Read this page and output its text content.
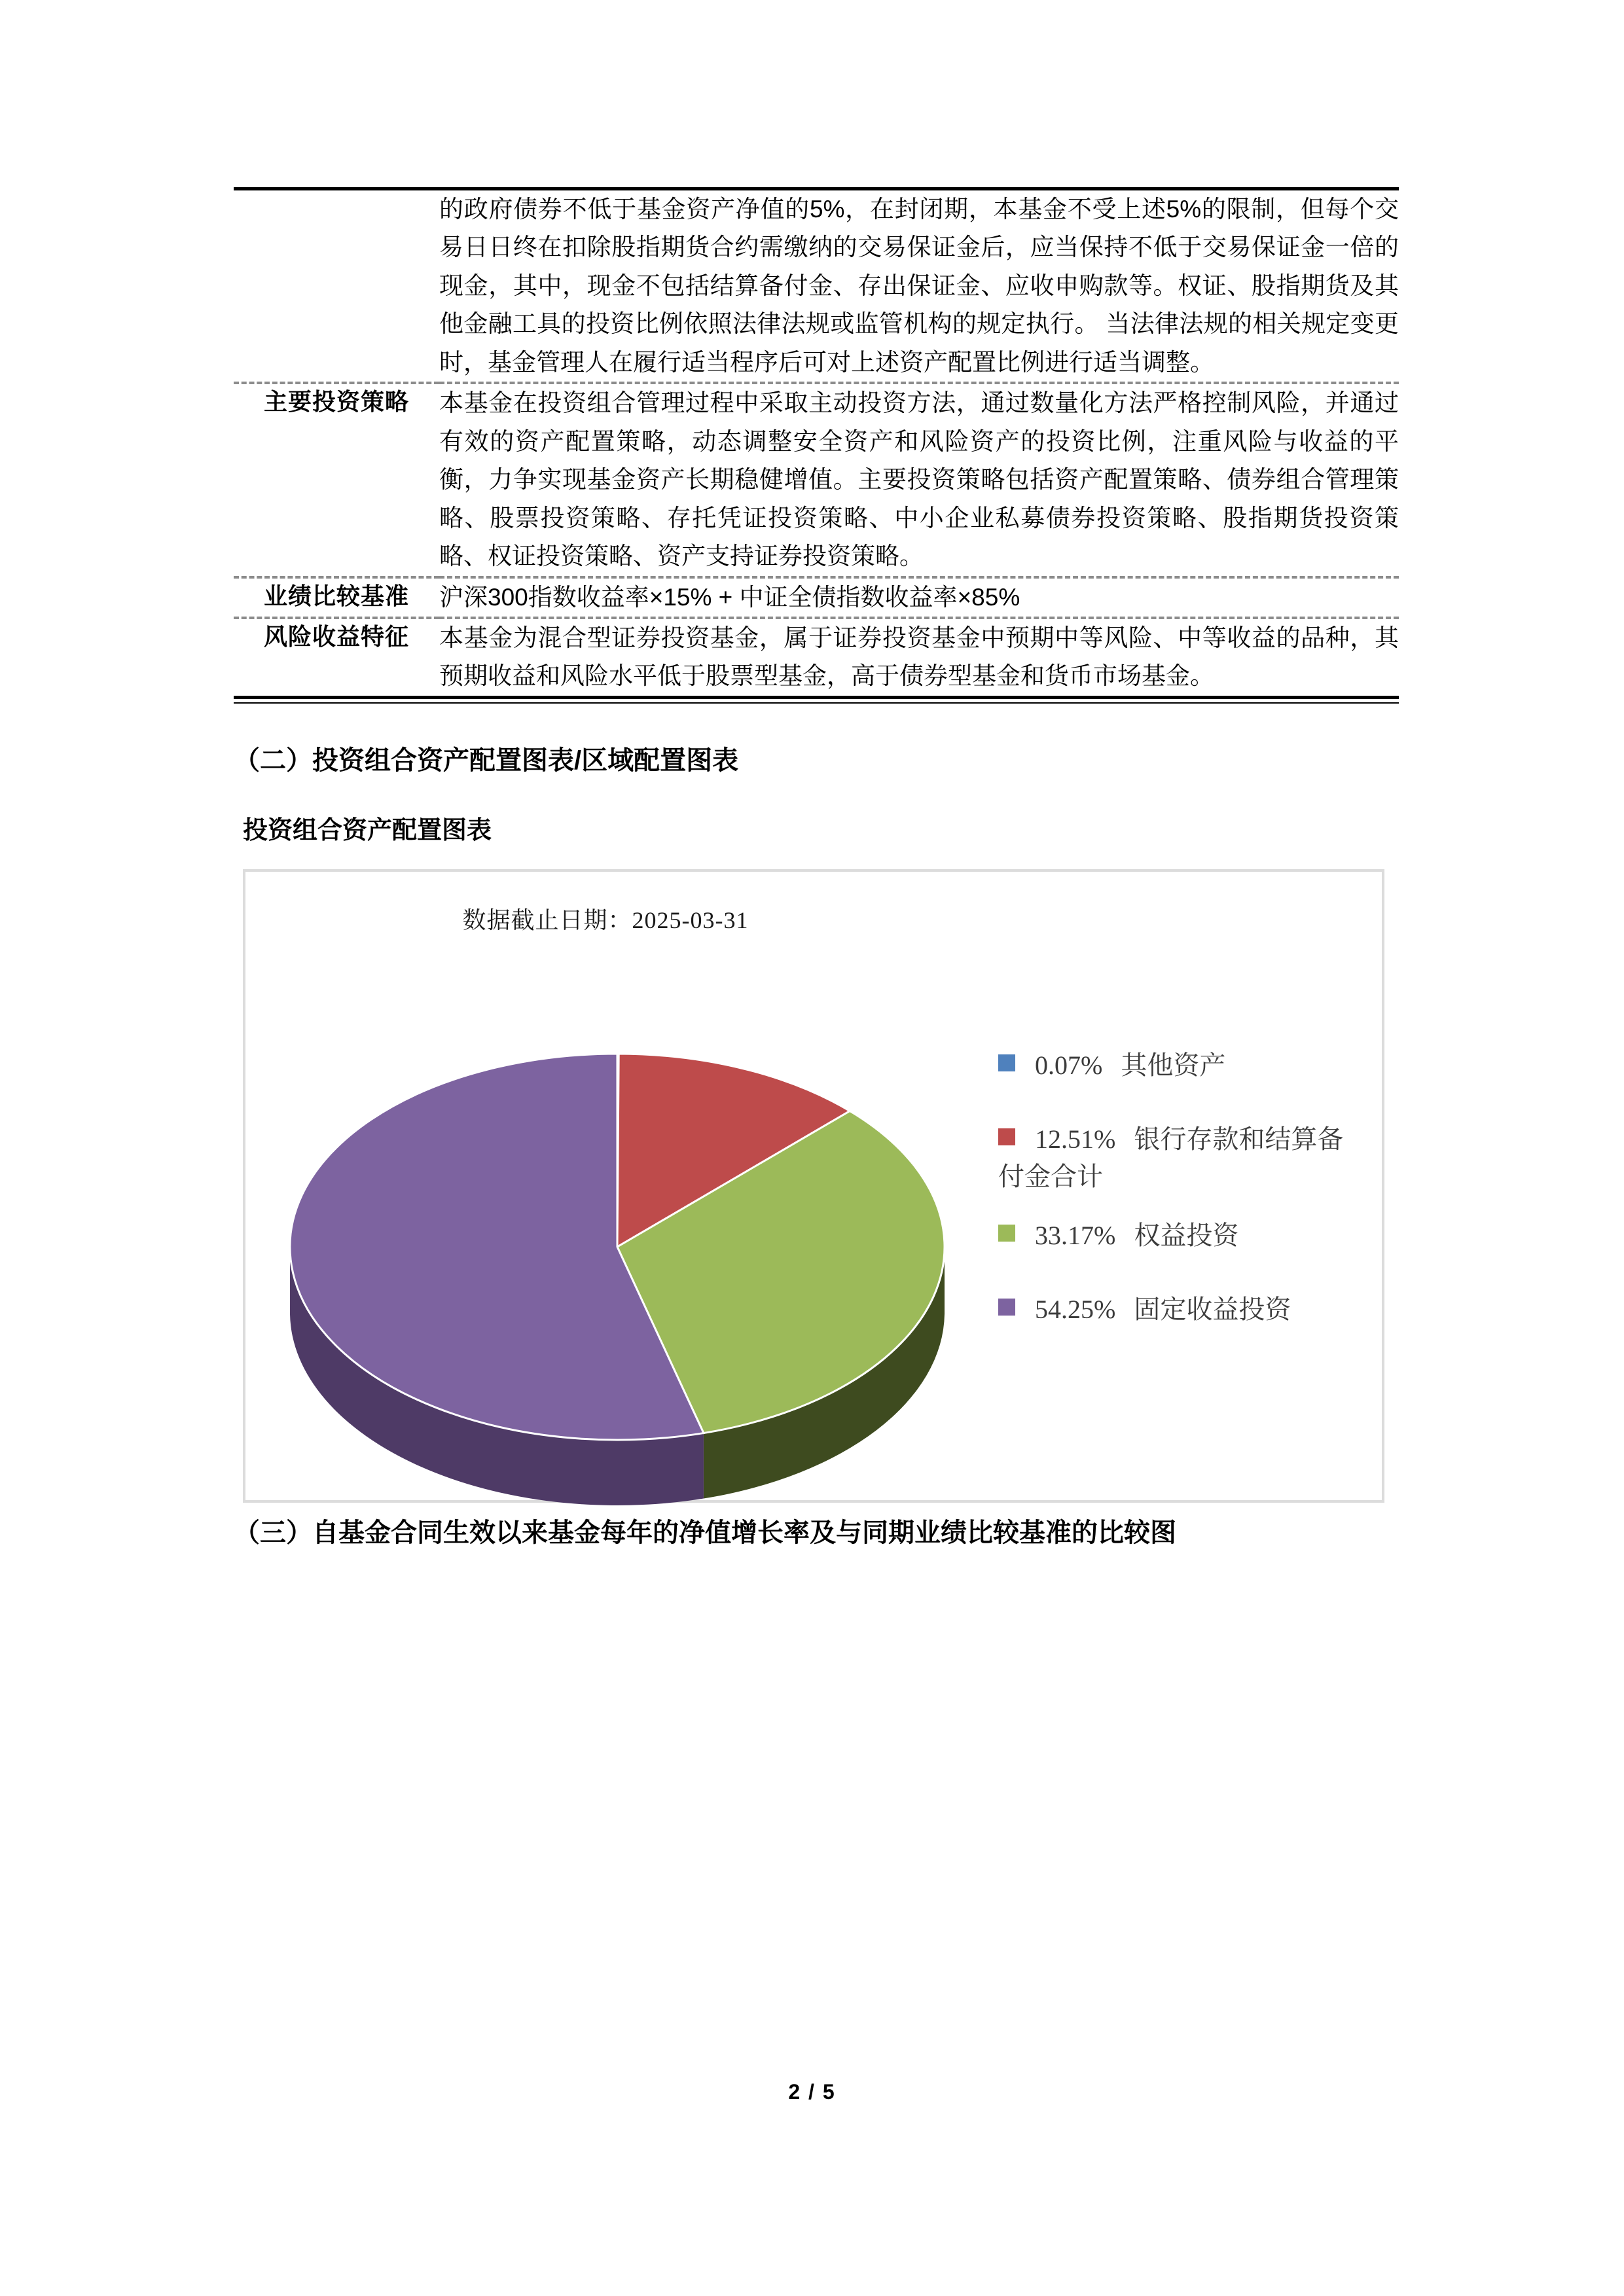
	的政府债券不低于基金资产净值的5%，在封闭期，本基金不受上述5%的限制，但每个交易日日终在扣除股指期货合约需缴纳的交易保证金后，应当保持不低于交易保证金一倍的现金，其中，现金不包括结算备付金、存出保证金、应收申购款等。权证、股指期货及其他金融工具的投资比例依照法律法规或监管机构的规定执行。 当法律法规的相关规定变更时，基金管理人在履行适当程序后可对上述资产配置比例进行适当调整。
主要投资策略	本基金在投资组合管理过程中采取主动投资方法，通过数量化方法严格控制风险，并通过有效的资产配置策略，动态调整安全资产和风险资产的投资比例，注重风险与收益的平衡，力争实现基金资产长期稳健增值。主要投资策略包括资产配置策略、债券组合管理策略、股票投资策略、存托凭证投资策略、中小企业私募债券投资策略、股指期货投资策略、权证投资策略、资产支持证券投资策略。
业绩比较基准	沪深300指数收益率×15% + 中证全债指数收益率×85%
风险收益特征	本基金为混合型证券投资基金，属于证券投资基金中预期中等风险、中等收益的品种，其预期收益和风险水平低于股票型基金，高于债券型基金和货币市场基金。
（二）投资组合资产配置图表/区域配置图表
投资组合资产配置图表
数据截止日期：2025-03-31
0.07% 其他资产
12.51% 银行存款和结算备付金合计
33.17% 权益投资
54.25% 固定收益投资
（三）自基金合同生效以来基金每年的净值增长率及与同期业绩比较基准的比较图
2 / 5
